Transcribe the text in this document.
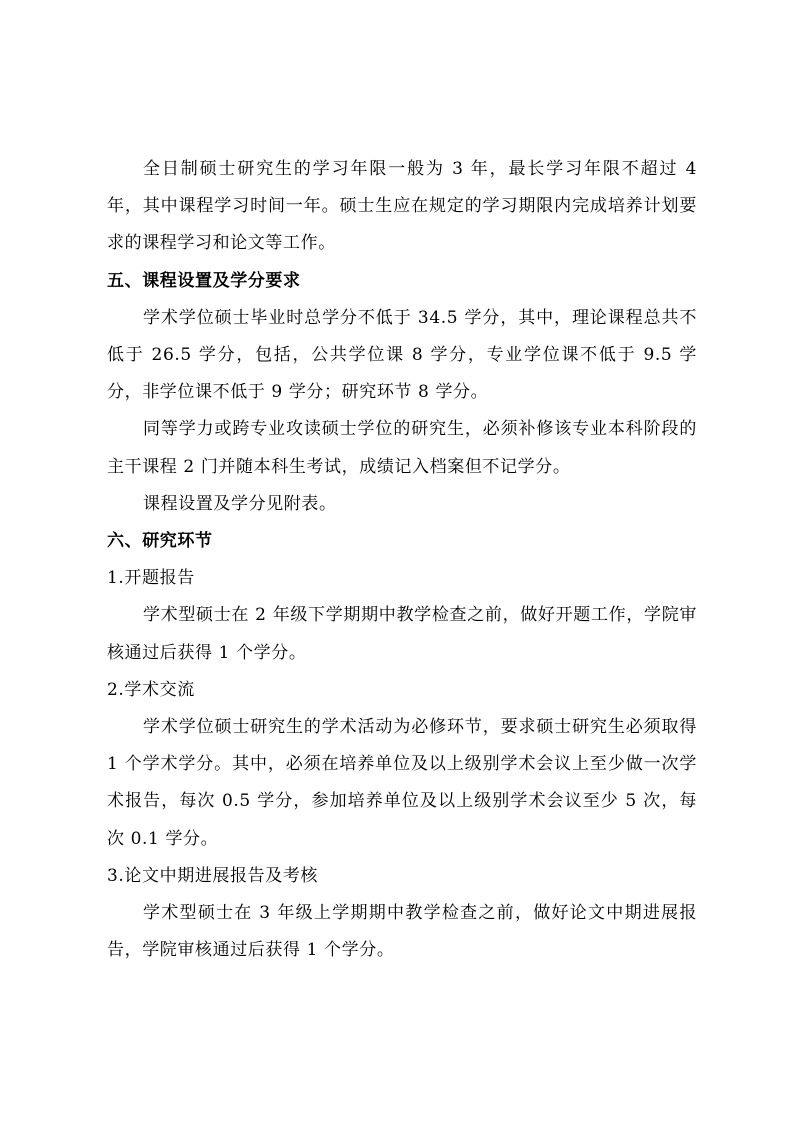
全日制硕士研究生的学习年限一般为 3 年，最长学习年限不超过 4 年，其中课程学习时间一年。硕士生应在规定的学习期限内完成培养计划要求的课程学习和论文等工作。

五、课程设置及学分要求

学术学位硕士毕业时总学分不低于 34.5 学分，其中，理论课程总共不低于 26.5 学分，包括，公共学位课 8 学分，专业学位课不低于 9.5 学分，非学位课不低于 9 学分；研究环节 8 学分。

同等学力或跨专业攻读硕士学位的研究生，必须补修该专业本科阶段的主干课程 2 门并随本科生考试，成绩记入档案但不记学分。

课程设置及学分见附表。

六、研究环节

1.开题报告

学术型硕士在 2 年级下学期期中教学检查之前，做好开题工作，学院审核通过后获得 1 个学分。

2.学术交流

学术学位硕士研究生的学术活动为必修环节，要求硕士研究生必须取得 1 个学术学分。其中，必须在培养单位及以上级别学术会议上至少做一次学术报告，每次 0.5 学分，参加培养单位及以上级别学术会议至少 5 次，每次 0.1 学分。

3.论文中期进展报告及考核

学术型硕士在 3 年级上学期期中教学检查之前，做好论文中期进展报告，学院审核通过后获得 1 个学分。
